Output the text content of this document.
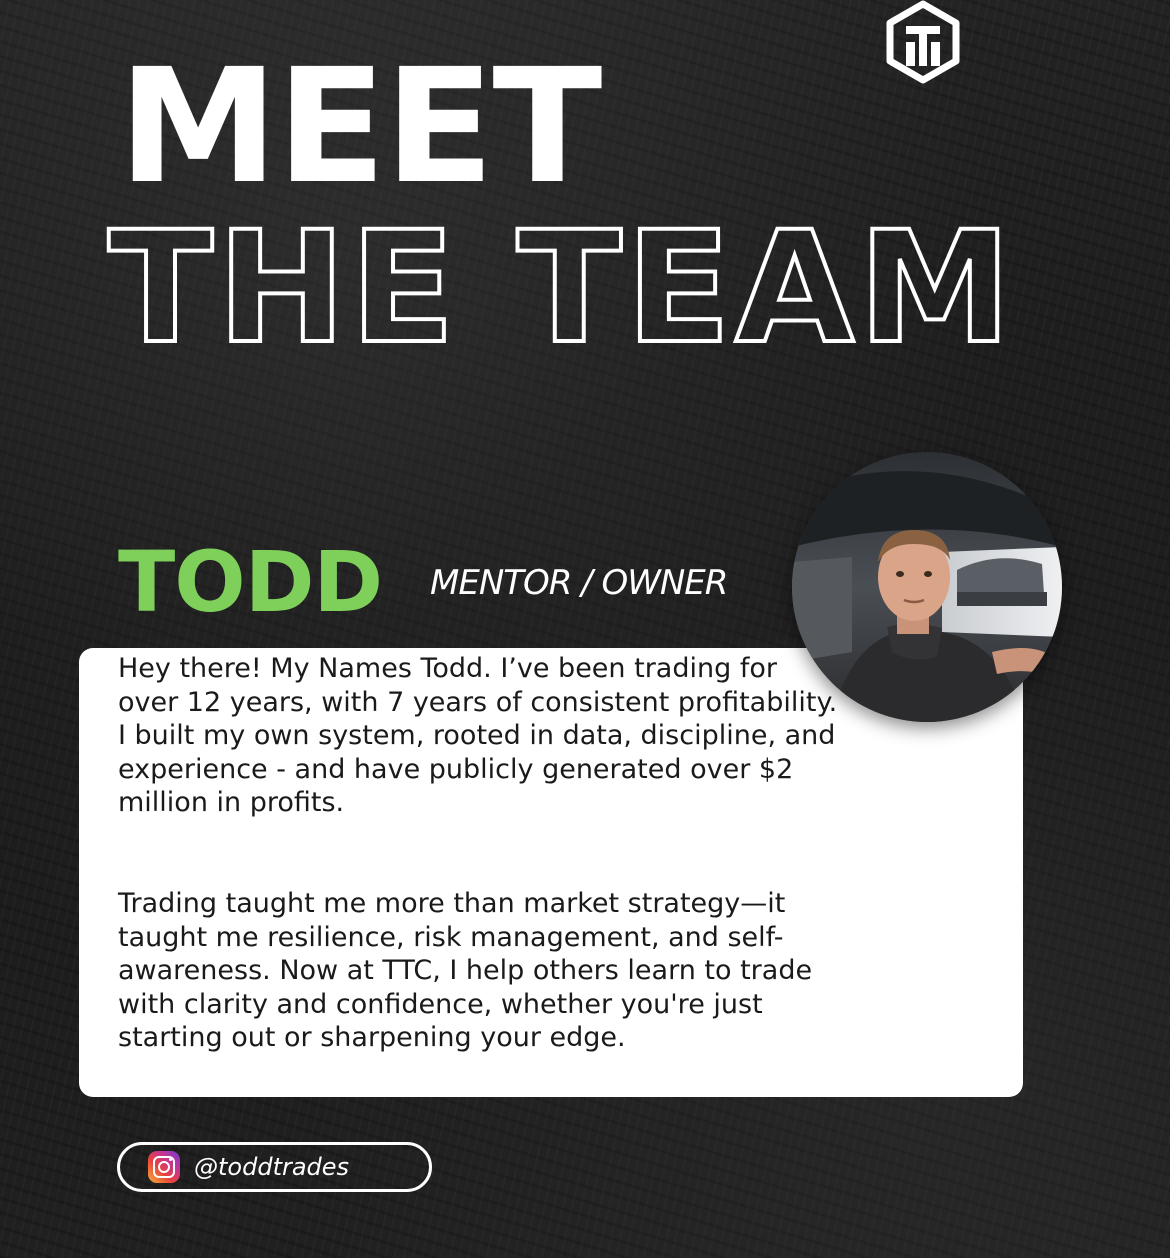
MEET
THE TEAM
TODD MENTOR / OWNER

Hey there! My Names Todd. I’ve been trading for over 12 years, with 7 years of consistent profitability. I built my own system, rooted in data, discipline, and experience - and have publicly generated over $2 million in profits.

Trading taught me more than market strategy—it taught me resilience, risk management, and self-awareness. Now at TTC, I help others learn to trade with clarity and confidence, whether you're just starting out or sharpening your edge.

@toddtrades
